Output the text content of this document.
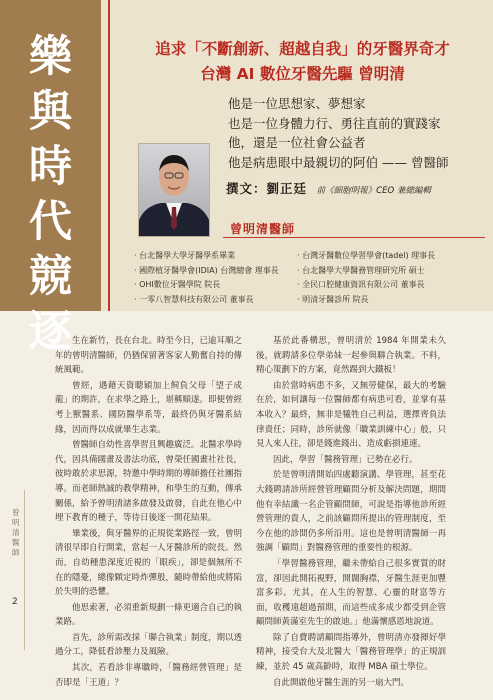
樂
與
時
代
競
逐
追求「不斷創新、超越自我」的牙醫界奇才
台灣 AI 數位牙醫先驅 曾明清
他是一位思想家、夢想家
也是一位身體力行、勇往直前的實踐家
他，還是一位社會公益者
他是病患眼中最親切的阿伯 —— 曾醫師
撰文：劉正廷 前《細胞明報》CEO 兼總編輯
曾明清醫師
· 台北醫學大學牙醫學系畢業
· 國際植牙醫學會(IDIA) 台灣總會 理事長
· OHI數位牙醫學院 院長
· 一零八智慧科技有限公司 董事長
· 台灣牙醫數位學習學會(tadel) 理事長
· 台北醫學大學醫務管理研究所 碩士
· 全民口腔健康資訊有限公司 董事長
· 明清牙醫診所 院長

生在新竹，長在台北。時至今日，已逾耳順之年的曾明清醫師，仍猶保留著客家人勤奮自持的傳統風範。

曾經，遇藉天資聰穎加上飼負父母「望子成龍」的期許，在求學之路上，堪稱順遂。即便曾經考上獸醫系、國防醫學系等，最終仍與牙醫系結緣，因而得以成就畢生志業。

曾醫師自幼性喜學習且興趣廣泛。北醫求學時代，因具備國畫及書法功底，曾榮任國畫社社長，彼時敢於求思源，特邀中學時期的導師擔任社團指導。而老師熱誠的教學精神，和學生的互動，傳承關係，給予曾明清諸多啟發及啟發，自此在他心中埋下教育的種子，等待日後逐一開花結果。

畢業後，與牙醫界的正規從業路徑一致，曾明清很早即自行開業，當起一人牙醫診所的院長。然而，自幼種患深度近視的「眼疾」，卻是個無所不在的隱憂，總像顆定時炸彈般，隨時帶給他或將陷於失明的恐懼。

他思索著，必須重新規劃一條更適合自己的執業路。

首先，診所需改採「聯合執業」制度，期以透過分工，降低看診壓力及風險。

其次，若看診非專職時，「醫務經營管理」是否即是「王道」？

基於此番構思，曾明清於 1984 年開業未久後，就聘請多位學弟妹一起參與聯合執業。不料，精心策劃下的方案，竟然踢到大鐵板！

由於當時病患不多，又無勞健保，最大的考驗在於，如何讓每一位醫師都有病患可看，並掌有基本收入？最終，無非是犧牲自己利益，選擇齊負法律責任；同時，診所就像「職業訓練中心」般，只見人來人往，卻是錢進錢出、造成虧損連連。

因此，學習「醫務管理」已勢在必行。

於是曾明清開始四處聽演講、學管理，甚至花大錢聘請診所經營管理顧問分析及解決問題，期間他有幸結識一名企管顧問師，可說是指導他診所經營管理的貴人，之前該顧問所提出的管理制度，至今在他的診間仍多所沿用。這也是曾明清醫師一再強調「顧問」對醫務管理的重要性的根源。

「學習醫務管理，繼未帶給自己很多實質的財富，卻因此開拓視野，開闊胸襟，牙醫生涯更加豐富多彩。尤其，在人生的智慧、心靈的財富等方面，收穫遠超過預期，而這些成多成少都受到企管顧問師黃滿室先生的啟迪。」他滿懷感恩地說道。

除了自費聘請顧問指導外，曾明清亦發揮好學精神，接受台大及北醫大「醫務管理學」的正規訓練，並於 45 歲高齡時，取得 MBA 碩士學位。

自此開啟他牙醫生涯的另一扇大門。

曾明清醫師
2
